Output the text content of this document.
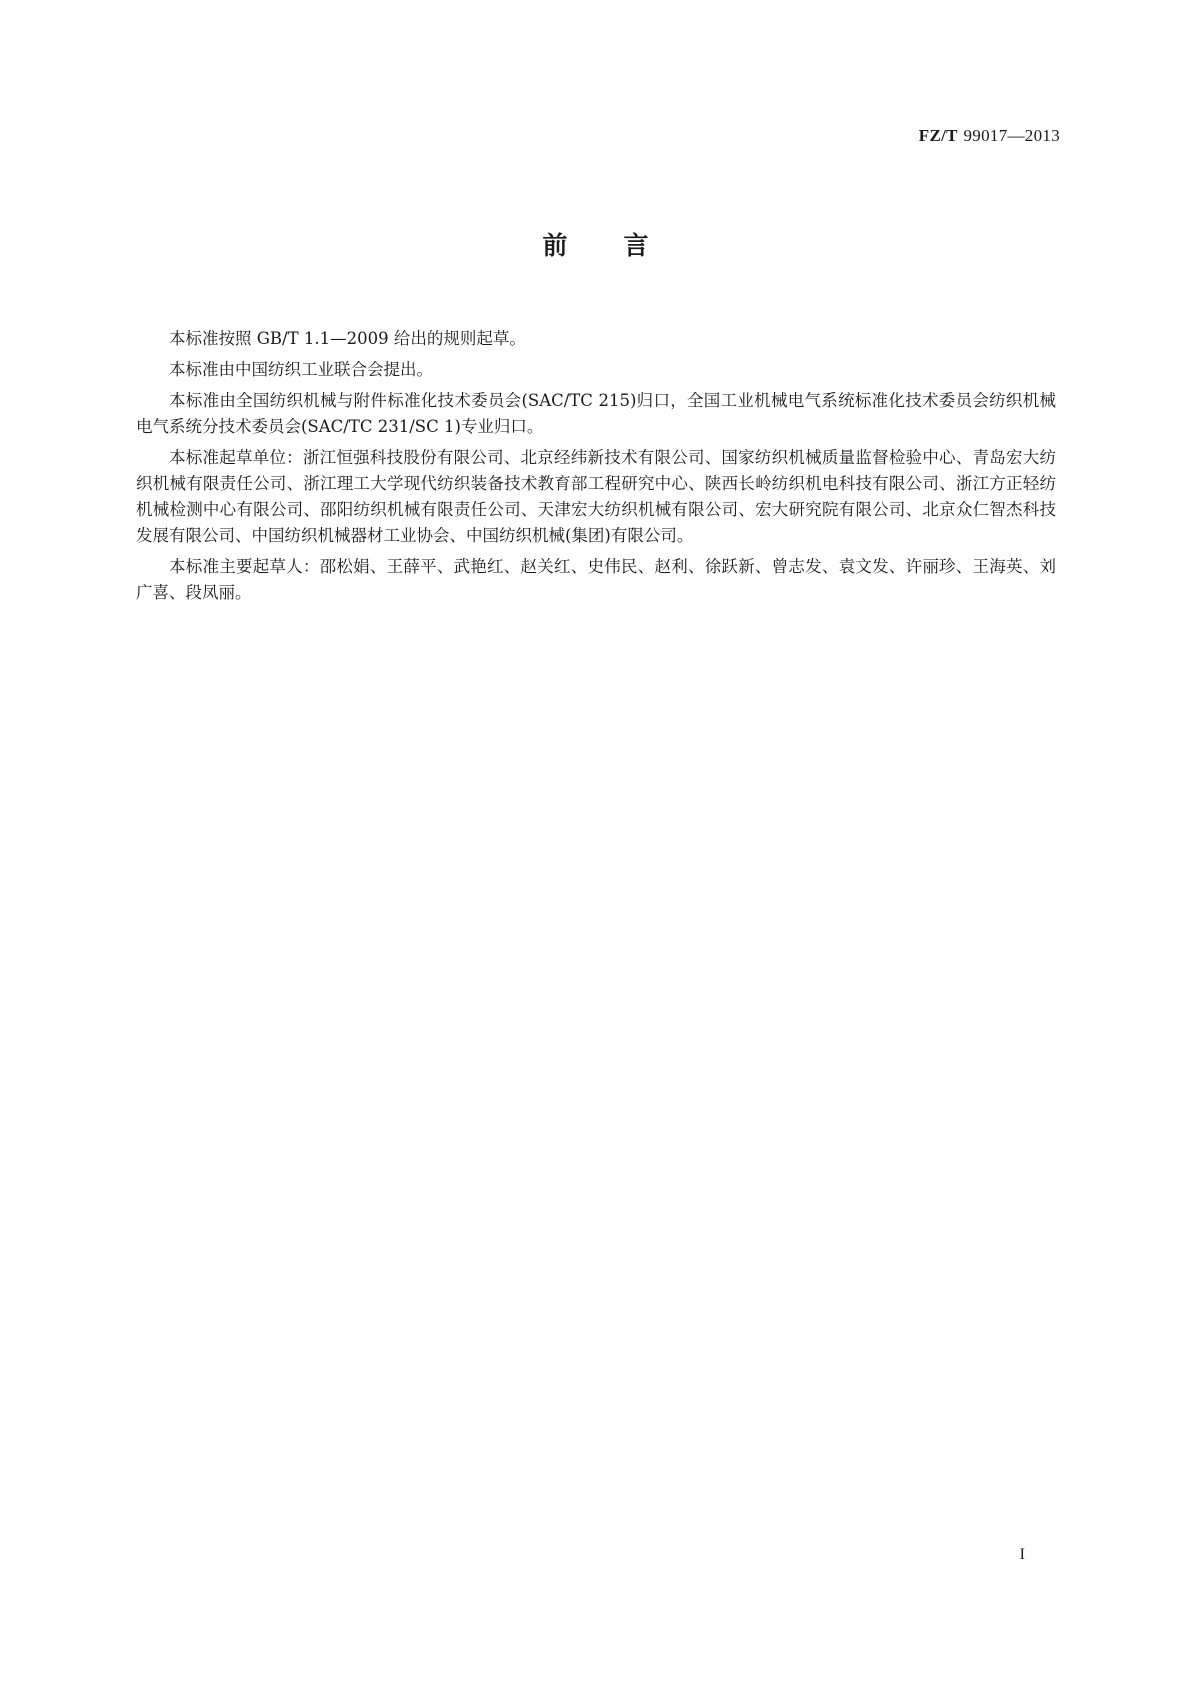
FZ/T 99017—2013
前言

本标准按照 GB/T 1.1—2009 给出的规则起草。

本标准由中国纺织工业联合会提出。

本标准由全国纺织机械与附件标准化技术委员会(SAC/TC 215)归口，全国工业机械电气系统标准化技术委员会纺织机械电气系统分技术委员会(SAC/TC 231/SC 1)专业归口。

本标准起草单位：浙江恒强科技股份有限公司、北京经纬新技术有限公司、国家纺织机械质量监督检验中心、青岛宏大纺织机械有限责任公司、浙江理工大学现代纺织装备技术教育部工程研究中心、陕西长岭纺织机电科技有限公司、浙江方正轻纺机械检测中心有限公司、邵阳纺织机械有限责任公司、天津宏大纺织机械有限公司、宏大研究院有限公司、北京众仁智杰科技发展有限公司、中国纺织机械器材工业协会、中国纺织机械(集团)有限公司。

本标准主要起草人：邵松娟、王薛平、武艳红、赵关红、史伟民、赵利、徐跃新、曾志发、袁文发、许丽珍、王海英、刘广喜、段凤丽。

I
